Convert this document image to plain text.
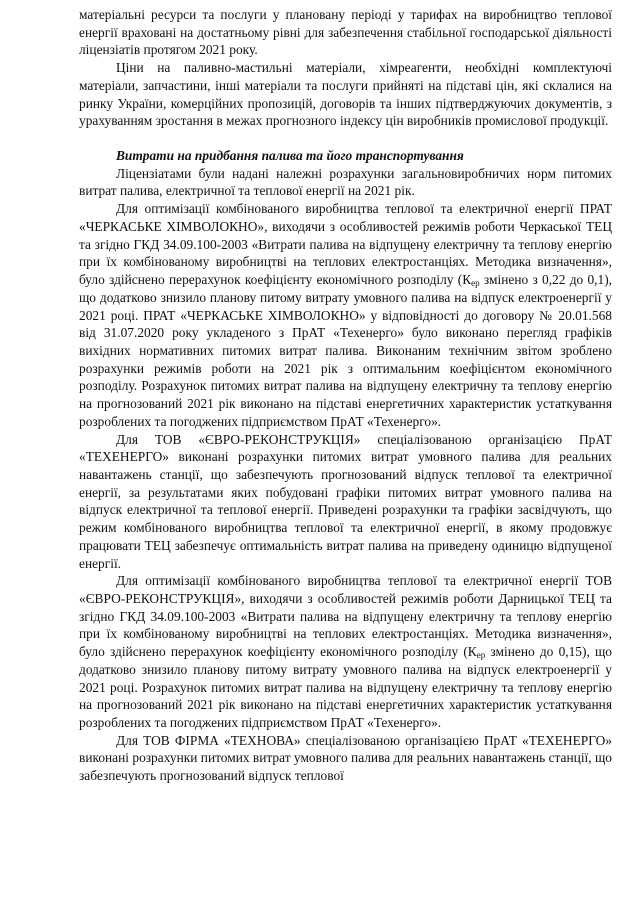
матеріальні ресурси та послуги у плановану періоді у тарифах на виробництво теплової енергії враховані на достатньому рівні для забезпечення стабільної господарської діяльності ліцензіатів протягом 2021 року.

Ціни на паливно-мастильні матеріали, хімреагенти, необхідні комплектуючі матеріали, запчастини, інші матеріали та послуги прийняті на підставі цін, які склалися на ринку України, комерційних пропозицій, договорів та інших підтверджуючих документів, з урахуванням зростання в межах прогнозного індексу цін виробників промислової продукції.

Витрати на придбання палива та його транспортування

Ліцензіатами були надані належні розрахунки загальновиробничих норм питомих витрат палива, електричної та теплової енергії на 2021 рік.

Для оптимізації комбінованого виробництва теплової та електричної енергії ПРАТ «ЧЕРКАСЬКЕ ХІМВОЛОКНО», виходячи з особливостей режимів роботи Черкаської ТЕЦ та згідно ГКД 34.09.100-2003 «Витрати палива на відпущену електричну та теплову енергію при їх комбінованому виробництві на теплових електростанціях. Методика визначення», було здійснено перерахунок коефіцієнту економічного розподілу ($К_{ер}$ змінено з 0,22 до 0,1), що додатково знизило планову питому витрату умовного палива на відпуск електроенергії у 2021 році. ПРАТ «ЧЕРКАСЬКЕ ХІМВОЛОКНО» у відповідності до договору № 20.01.568 від 31.07.2020 року укладеного з ПрАТ «Техенерго» було виконано перегляд графіків вихідних нормативних питомих витрат палива. Виконаним технічним звітом зроблено розрахунки режимів роботи на 2021 рік з оптимальним коефіцієнтом економічного розподілу. Розрахунок питомих витрат палива на відпущену електричну та теплову енергію на прогнозований 2021 рік виконано на підставі енергетичних характеристик устаткування розроблених та погоджених підприємством ПрАТ «Техенерго».

Для ТОВ «ЄВРО-РЕКОНСТРУКЦІЯ» спеціалізованою організацією ПрАТ «ТЕХЕНЕРГО» виконані розрахунки питомих витрат умовного палива для реальних навантажень станції, що забезпечують прогнозований відпуск теплової та електричної енергії, за результатами яких побудовані графіки питомих витрат умовного палива на відпуск електричної та теплової енергії. Приведені розрахунки та графіки засвідчують, що режим комбінованого виробництва теплової та електричної енергії, в якому продовжує працювати ТЕЦ забезпечує оптимальність витрат палива на приведену одиницю відпущеної енергії.

Для оптимізації комбінованого виробництва теплової та електричної енергії ТОВ «ЄВРО-РЕКОНСТРУКЦІЯ», виходячи з особливостей режимів роботи Дарницької ТЕЦ та згідно ГКД 34.09.100-2003 «Витрати палива на відпущену електричну та теплову енергію при їх комбінованому виробництві на теплових електростанціях. Методика визначення», було здійснено перерахунок коефіцієнту економічного розподілу ($К_{ер}$ змінено до 0,15), що додатково знизило планову питому витрату умовного палива на відпуск електроенергії у 2021 році. Розрахунок питомих витрат палива на відпущену електричну та теплову енергію на прогнозований 2021 рік виконано на підставі енергетичних характеристик устаткування розроблених та погоджених підприємством ПрАТ «Техенерго».

Для ТОВ ФІРМА «ТЕХНОВА» спеціалізованою організацією ПрАТ «ТЕХЕНЕРГО» виконані розрахунки питомих витрат умовного палива для реальних навантажень станції, що забезпечують прогнозований відпуск теплової
